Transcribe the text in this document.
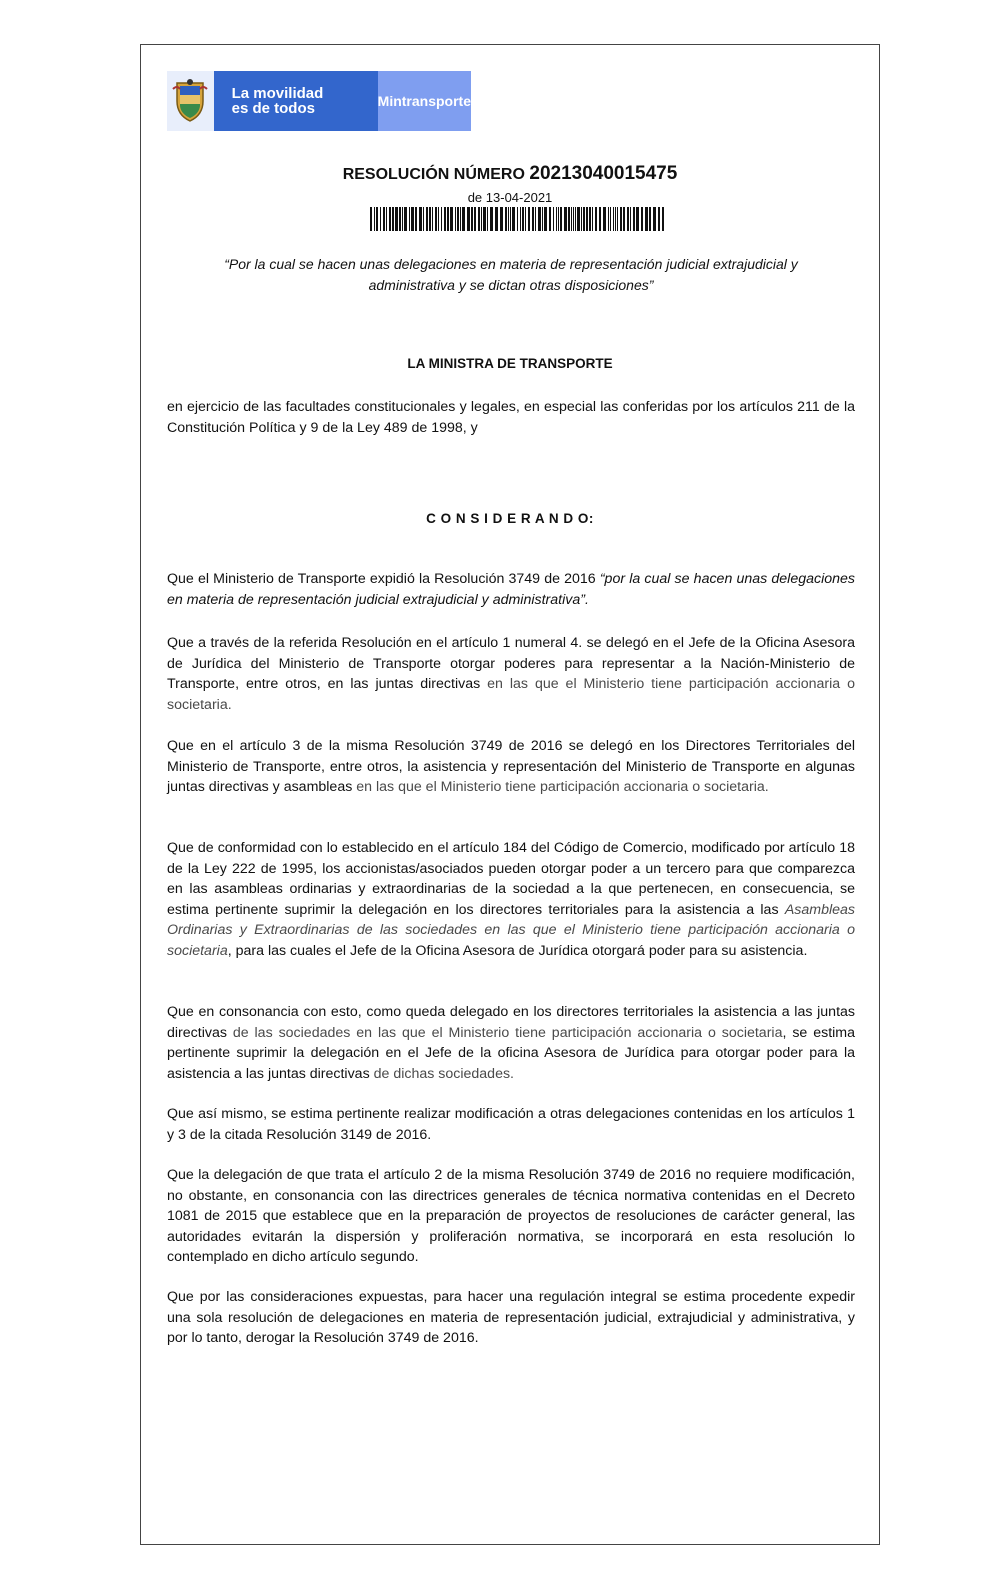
La movilidad
es de todos	Mintransporte
RESOLUCIÓN NÚMERO 20213040015475
de 13-04-2021
“Por la cual se hacen unas delegaciones en materia de representación judicial extrajudicial y
administrativa y se dictan otras disposiciones”
LA MINISTRA DE TRANSPORTE

en ejercicio de las facultades constitucionales y legales, en especial las conferidas por los artículos 211 de la Constitución Política y 9 de la Ley 489 de 1998, y

C O N S I D E R A N D O:

Que el Ministerio de Transporte expidió la Resolución 3749 de 2016 “por la cual se hacen unas delegaciones en materia de representación judicial extrajudicial y administrativa”.

Que a través de la referida Resolución en el artículo 1 numeral 4. se delegó en el Jefe de la Oficina Asesora de Jurídica del Ministerio de Transporte otorgar poderes para representar a la Nación-Ministerio de Transporte, entre otros, en las juntas directivas en las que el Ministerio tiene participación accionaria o societaria.

Que en el artículo 3 de la misma Resolución 3749 de 2016 se delegó en los Directores Territoriales del Ministerio de Transporte, entre otros, la asistencia y representación del Ministerio de Transporte en algunas juntas directivas y asambleas en las que el Ministerio tiene participación accionaria o societaria.

Que de conformidad con lo establecido en el artículo 184 del Código de Comercio, modificado por artículo 18 de la Ley 222 de 1995, los accionistas/asociados pueden otorgar poder a un tercero para que comparezca en las asambleas ordinarias y extraordinarias de la sociedad a la que pertenecen, en consecuencia, se estima pertinente suprimir la delegación en los directores territoriales para la asistencia a las Asambleas Ordinarias y Extraordinarias de las sociedades en las que el Ministerio tiene participación accionaria o societaria, para las cuales el Jefe de la Oficina Asesora de Jurídica otorgará poder para su asistencia.

Que en consonancia con esto, como queda delegado en los directores territoriales la asistencia a las juntas directivas de las sociedades en las que el Ministerio tiene participación accionaria o societaria, se estima pertinente suprimir la delegación en el Jefe de la oficina Asesora de Jurídica para otorgar poder para la asistencia a las juntas directivas de dichas sociedades.

Que así mismo, se estima pertinente realizar modificación a otras delegaciones contenidas en los artículos 1 y 3 de la citada Resolución 3149 de 2016.

Que la delegación de que trata el artículo 2 de la misma Resolución 3749 de 2016 no requiere modificación, no obstante, en consonancia con las directrices generales de técnica normativa contenidas en el Decreto 1081 de 2015 que establece que en la preparación de proyectos de resoluciones de carácter general, las autoridades evitarán la dispersión y proliferación normativa, se incorporará en esta resolución lo contemplado en dicho artículo segundo.

Que por las consideraciones expuestas, para hacer una regulación integral se estima procedente expedir una sola resolución de delegaciones en materia de representación judicial, extrajudicial y administrativa, y por lo tanto, derogar la Resolución 3749 de 2016.
